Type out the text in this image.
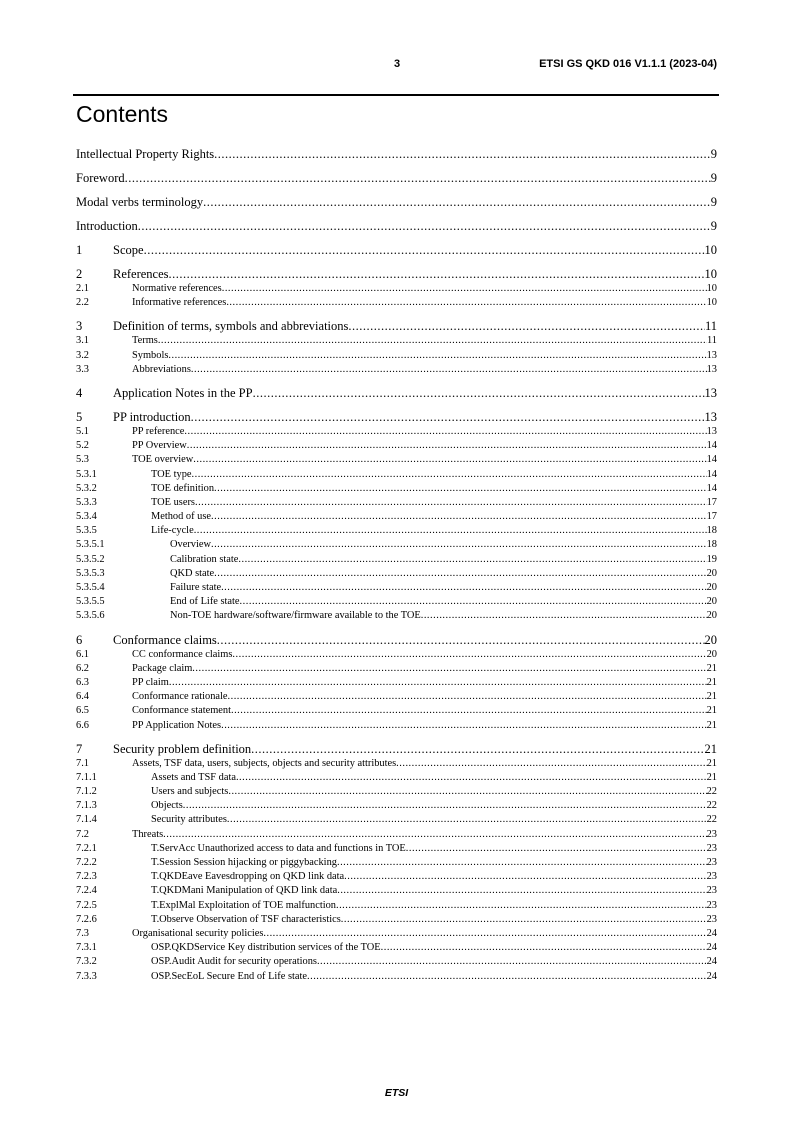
3	ETSI GS QKD 016 V1.1.1 (2023-04)
Contents
Intellectual Property Rights .....	9
Foreword .....	9
Modal verbs terminology .....	9
Introduction .....	9
1	Scope .....	10
2	References .....	10
2.1	Normative references .....	10
2.2	Informative references .....	10
3	Definition of terms, symbols and abbreviations .....	11
3.1	Terms .....	11
3.2	Symbols .....	13
3.3	Abbreviations .....	13
4	Application Notes in the PP .....	13
5	PP introduction .....	13
5.1	PP reference .....	13
5.2	PP Overview .....	14
5.3	TOE overview .....	14
5.3.1	TOE type .....	14
5.3.2	TOE definition .....	14
5.3.3	TOE users .....	17
5.3.4	Method of use .....	17
5.3.5	Life-cycle .....	18
5.3.5.1	Overview .....	18
5.3.5.2	Calibration state .....	19
5.3.5.3	QKD state .....	20
5.3.5.4	Failure state .....	20
5.3.5.5	End of Life state .....	20
5.3.5.6	Non-TOE hardware/software/firmware available to the TOE .....	20
6	Conformance claims .....	20
6.1	CC conformance claims .....	20
6.2	Package claim .....	21
6.3	PP claim .....	21
6.4	Conformance rationale .....	21
6.5	Conformance statement .....	21
6.6	PP Application Notes .....	21
7	Security problem definition .....	21
7.1	Assets, TSF data, users, subjects, objects and security attributes .....	21
7.1.1	Assets and TSF data .....	21
7.1.2	Users and subjects .....	22
7.1.3	Objects .....	22
7.1.4	Security attributes .....	22
7.2	Threats .....	23
7.2.1	T.ServAcc Unauthorized access to data and functions in TOE .....	23
7.2.2	T.Session Session hijacking or piggybacking .....	23
7.2.3	T.QKDEave Eavesdropping on QKD link data .....	23
7.2.4	T.QKDMani Manipulation of QKD link data .....	23
7.2.5	T.ExplMal Exploitation of TOE malfunction .....	23
7.2.6	T.Observe Observation of TSF characteristics .....	23
7.3	Organisational security policies .....	24
7.3.1	OSP.QKDService Key distribution services of the TOE .....	24
7.3.2	OSP.Audit Audit for security operations .....	24
7.3.3	OSP.SecEoL Secure End of Life state .....	24
ETSI
